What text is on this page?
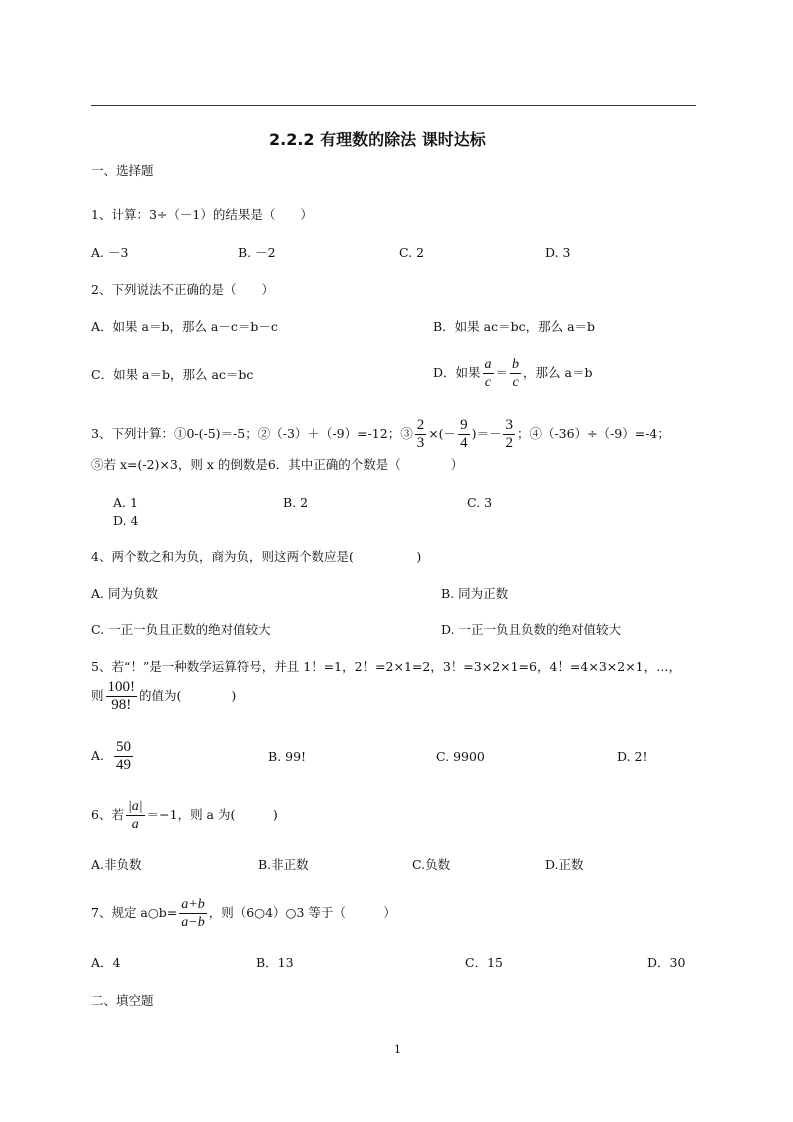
2.2.2 有理数的除法 课时达标
一、选择题
1、计算：3÷（－1）的结果是（　　）
A. －3	B. －2	C. 2	D. 3
2、下列说法不正确的是（　　）
A．如果 a＝b，那么 a－c＝b－c	B．如果 ac＝bc，那么 a＝b
C．如果 a＝b，那么 ac＝bc	D．如果 $\frac{a}{c} = \frac{b}{c}$ ，那么 a＝b
3、下列计算：①0-(-5)＝-5；②（-3）＋（-9）=-12；③ $\frac{2}{3}$ ×(－ $\frac{9}{4}$ )＝－ $\frac{3}{2}$ ；④（-36）÷（-9）=-4；
⑤若 x=(-2)×3，则 x 的倒数是6．其中正确的个数是（　　　　）
A. 1	B. 2	C. 3
D. 4
4、两个数之和为负，商为负，则这两个数应是(　　　　　)
A. 同为负数	B. 同为正数
C. 一正一负且正数的绝对值较大	D. 一正一负且负数的绝对值较大
5、若“！”是一种数学运算符号，并且 1！=1，2！=2×1=2，3！=3×2×1=6，4！=4×3×2×1，…，
则 $\frac{100!}{98!}$ 的值为(　　　　)
A. $\frac{50}{49}$	B. 99!	C. 9900	D. 2!
6、若 $\frac{|a|}{a} =-1$，则 a 为(　　　)
A.非负数	B.非正数	C.负数	D.正数
7、规定 a○b= $\frac{a+b}{a-b}$ ，则（6○4）○3 等于（　　　）
A．4	B．13	C．15	D．30
二、填空题
1
